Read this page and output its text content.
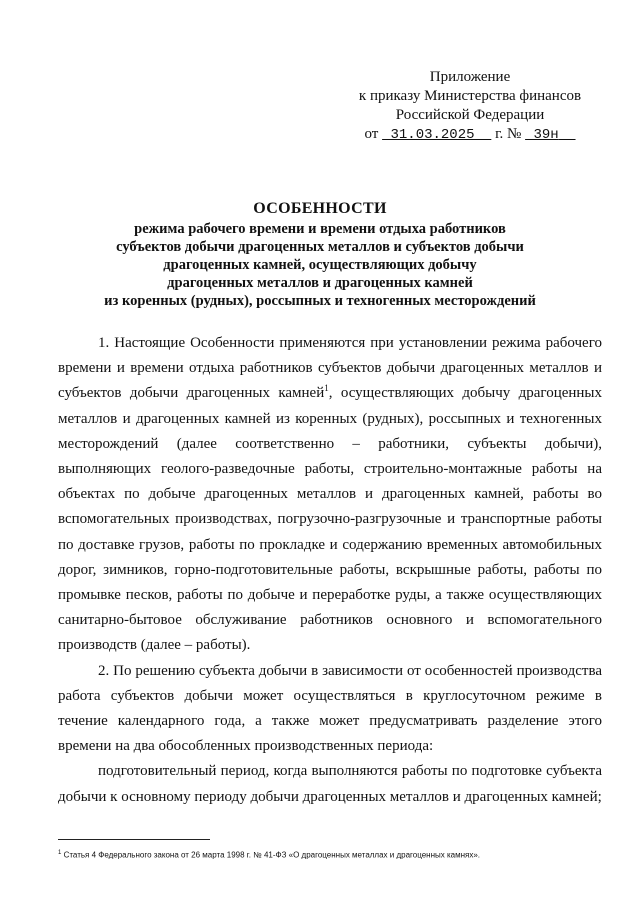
Приложение
к приказу Министерства финансов
Российской Федерации
от 31.03.2025 г. № 39н
ОСОБЕННОСТИ
режима рабочего времени и времени отдыха работников
субъектов добычи драгоценных металлов и субъектов добычи
драгоценных камней, осуществляющих добычу
драгоценных металлов и драгоценных камней
из коренных (рудных), россыпных и техногенных месторождений

1. Настоящие Особенности применяются при установлении режима рабочего времени и времени отдыха работников субъектов добычи драгоценных металлов и субъектов добычи драгоценных камней$^1$, осуществляющих добычу драгоценных металлов и драгоценных камней из коренных (рудных), россыпных и техногенных месторождений (далее соответственно – работники, субъекты добычи), выполняющих геолого-разведочные работы, строительно-монтажные работы на объектах по добыче драгоценных металлов и драгоценных камней, работы во вспомогательных производствах, погрузочно-разгрузочные и транспортные работы по доставке грузов, работы по прокладке и содержанию временных автомобильных дорог, зимников, горно-подготовительные работы, вскрышные работы, работы по промывке песков, работы по добыче и переработке руды, а также осуществляющих санитарно-бытовое обслуживание работников основного и вспомогательного производств (далее – работы).

2. По решению субъекта добычи в зависимости от особенностей производства работа субъектов добычи может осуществляться в круглосуточном режиме в течение календарного года, а также может предусматривать разделение этого времени на два обособленных производственных периода:

подготовительный период, когда выполняются работы по подготовке субъекта добычи к основному периоду добычи драгоценных металлов и драгоценных камней;

$^1$ Статья 4 Федерального закона от 26 марта 1998 г. № 41-ФЗ «О драгоценных металлах и драгоценных камнях».
